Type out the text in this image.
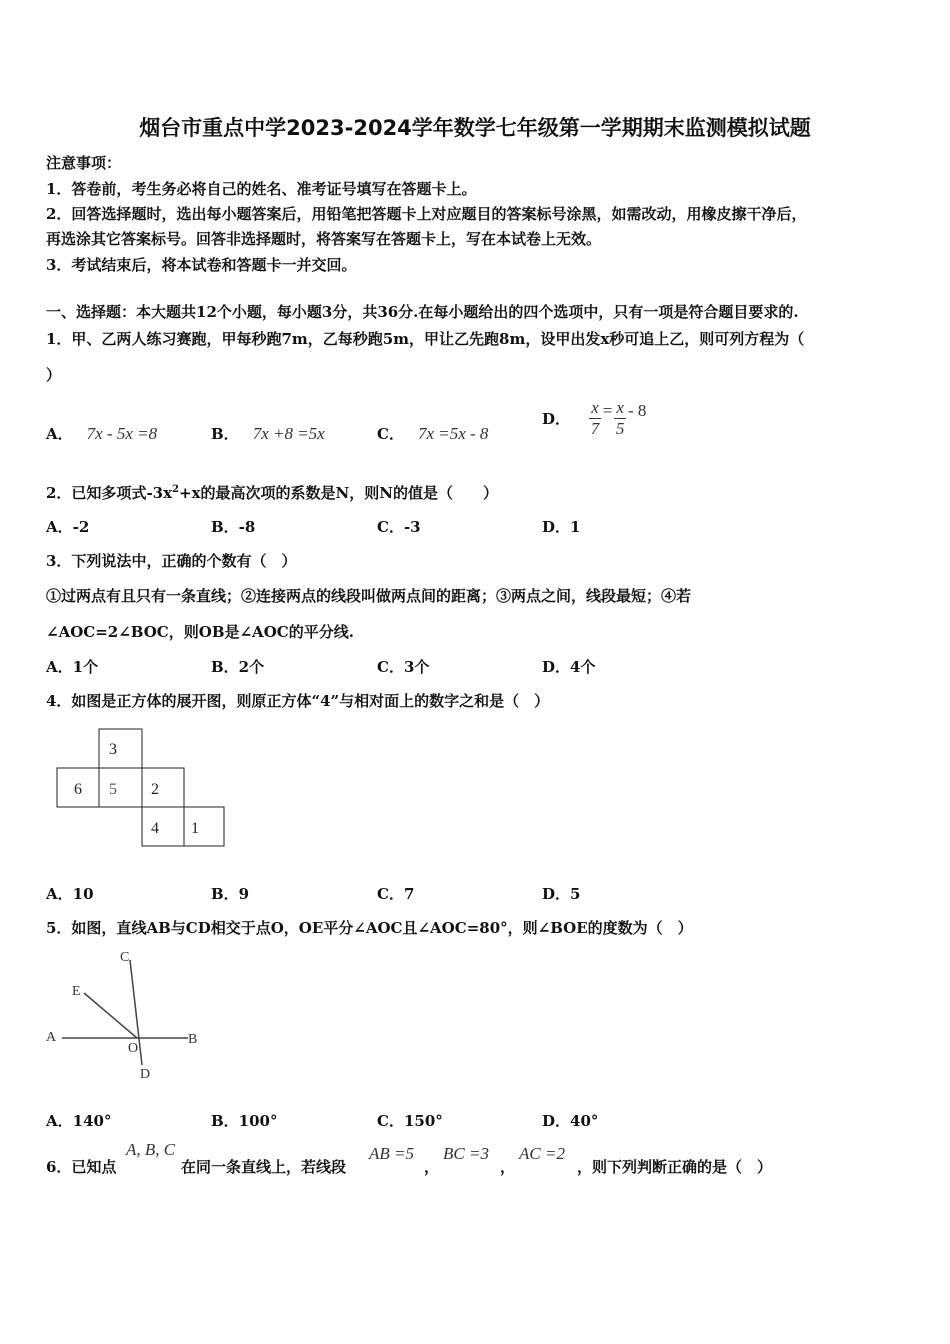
烟台市重点中学2023-2024学年数学七年级第一学期期末监测模拟试题
注意事项：
1．答卷前，考生务必将自己的姓名、准考证号填写在答题卡上。
2．回答选择题时，选出每小题答案后，用铅笔把答题卡上对应题目的答案标号涂黑，如需改动，用橡皮擦干净后，
再选涂其它答案标号。回答非选择题时，将答案写在答题卡上，写在本试卷上无效。
3．考试结束后，将本试卷和答题卡一并交回。
一、选择题：本大题共12个小题，每小题3分，共36分.在每小题给出的四个选项中，只有一项是符合题目要求的.
1．甲、乙两人练习赛跑，甲每秒跑7m，乙每秒跑5m，甲让乙先跑8m，设甲出发x秒可追上乙，则可列方程为（
）
A． 7x - 5x =8	B． 7x +8 =5x	C． 7x =5x - 8
D． $\frac{x}{7} = \frac{x}{5} - 8$
2．已知多项式$-3x^2+x$的最高次项的系数是N，则N的值是（　　）
A．-2	B．-8	C．-3	D．1
3．下列说法中，正确的个数有（　）
①过两点有且只有一条直线；②连接两点的线段叫做两点间的距离；③两点之间，线段最短；④若
∠AOC=2∠BOC，则OB是∠AOC的平分线.
A．1个	B．2个	C．3个	D．4个
4．如图是正方体的展开图，则原正方体“4”与相对面上的数字之和是（　）
3
6 5 2
4 1
A．10	B．9	C．7	D．5
5．如图，直线AB与CD相交于点O，OE平分∠AOC且∠AOC=80°，则∠BOE的度数为（　）
C
E
A
O
B
D
A．140°	B．100°	C．150°	D．40°
6．已知点
A, B, C
在同一条直线上，若线段
AB =5
，
BC =3
，
AC =2
，则下列判断正确的是（　）
